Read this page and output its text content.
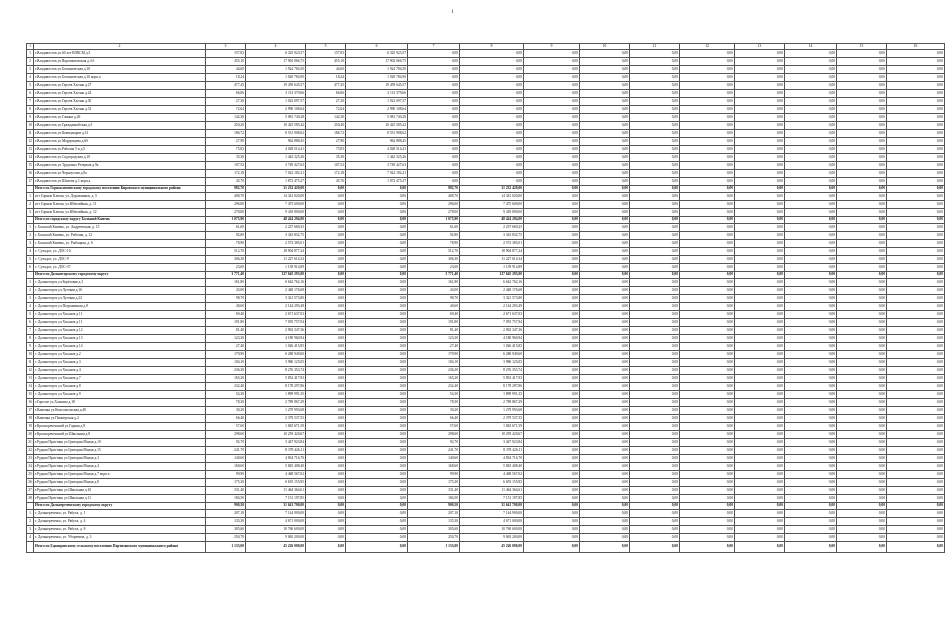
1
1	2	3	4	5	6	7	8	9	10	11	12	13	14	15	16
1	г.Владивосток ул.60 лет ВЛКСМ д.3	157,83	6 325 923,57	157,83	6 325 923,57	0,00	0,00	0,00	0,00	0,00	0,00	0,00	0,00	0,00	0,00
2	г.Владивосток ул.Ворошиловская д.4 б	455,10	17 902 066,75	455,10	17 902 066,75	0,00	0,00	0,00	0,00	0,00	0,00	0,00	0,00	0,00	0,00
3	г.Владивосток ул.Ботаническая д.10	44,60	1 924 784,50	44,60	1 924 784,50	0,00	0,00	0,00	0,00	0,00	0,00	0,00	0,00	0,00	0,00
4	г.Владивосток ул.Ботаническая д.10 корп.a	18,24	1 020 784,90	18,24	1 020 784,90	0,00	0,00	0,00	0,00	0,00	0,00	0,00	0,00	0,00	0,00
5	г.Владивосток ул.Героев Хасана д.27	477,45	19 459 645,57	477,45	19 459 645,57	0,00	0,00	0,00	0,00	0,00	0,00	0,00	0,00	0,00	0,00
6	г.Владивосток ул.Героев Хасана д.24	66,06	3 113 379,66	66,06	3 113 379,66	0,00	0,00	0,00	0,00	0,00	0,00	0,00	0,00	0,00	0,00
7	г.Владивосток ул.Героев Хасана д.30	27,30	1 022 097,57	27,30	1 022 097,57	0,00	0,00	0,00	0,00	0,00	0,00	0,00	0,00	0,00	0,00
8	г.Владивосток ул.Героев Хасана д.31	72,64	2 990 108,64	72,64	2 990 108,64	0,00	0,00	0,00	0,00	0,00	0,00	0,00	0,00	0,00	0,00
9	г.Владивосток ул.Глинки д.26	142,30	5 081 740,28	142,30	5 081 740,28	0,00	0,00	0,00	0,00	0,00	0,00	0,00	0,00	0,00	0,00
10	г.Владивосток ул.Гражданвобская д.5	250,20	10 425 585,42	250,20	10 425 585,42	0,00	0,00	0,00	0,00	0,00	0,00	0,00	0,00	0,00	0,00
11	г.Владивосток ул.Коммунаров д.31	186,72	8 531 908,62	186,72	8 531 908,62	0,00	0,00	0,00	0,00	0,00	0,00	0,00	0,00	0,00	0,00
12	г.Владивосток ул.Мордовцева д.6б	27,90	962 888,45	27,90	962 888,45	0,00	0,00	0,00	0,00	0,00	0,00	0,00	0,00	0,00	0,00
13	г.Владивосток ул.Рабочая 5-я д.5	75,83	4 028 514,41	75,83	4 028 514,41	0,00	0,00	0,00	0,00	0,00	0,00	0,00	0,00	0,00	0,00
14	г.Владивосток ул.Садгородская д.10	35,30	1 442 325,26	35,30	1 442 325,26	0,00	0,00	0,00	0,00	0,00	0,00	0,00	0,00	0,00	0,00
15	г.Владивосток ул.Трудовых Резервов д.9а	107,52	3 749 427,63	107,52	3 749 427,63	0,00	0,00	0,00	0,00	0,00	0,00	0,00	0,00	0,00	0,00
16	г.Владивосток ул.Черноусова д.8а	172,18	7 022 182,21	172,18	7 022 182,21	0,00	0,00	0,00	0,00	0,00	0,00	0,00	0,00	0,00	0,00
17	г.Владивосток ул.Шилова д.1 корп.а	45,70	1 872 475,27	45,70	1 872 475,27	0,00	0,00	0,00	0,00	0,00	0,00	0,00	0,00	0,00	0,00
	Итого по Горноключевскому городскому поселению Кировского муниципального района	982,70	31 232 420,00	0,00	0,00	982,70	31 232 420,00	0,00	0,00	0,00	0,00	0,00	0,00	0,00	0,00
1	пгт Горные Ключи, ул. Дорожников, д. 5	408,70	14 341 020,00	0,00	0,00	408,70	14 341 020,00	0,00	0,00	0,00	0,00	0,00	0,00	0,00	0,00
2	пгт Горные Ключи, ул.Юбилейная, д. 11	296,00	7 475 600,00	0,00	0,00	296,00	7 475 600,00	0,00	0,00	0,00	0,00	0,00	0,00	0,00	0,00
3	пгт Горные Ключи, ул.Юбилейная, д. 12	278,00	9 418 800,00	0,00	0,00	278,00	9 418 800,00	0,00	0,00	0,00	0,00	0,00	0,00	0,00	0,00
	Итого по городскому округу Большой Камень	1 075,90	48 424 294,00	0,00	0,00	1 075,90	48 424 294,00	0,00	0,00	0,00	0,00	0,00	0,00	0,00	0,00
1	г. Большой Камень, ул. Андреевская, д. 15	61,60	2 237 669,25	0,00	0,00	61,60	2 237 669,25	0,00	0,00	0,00	0,00	0,00	0,00	0,00	0,00
2	г. Большой Камень, ул. Рабочая, д. 12	92,80	3 343 832,75	0,00	0,00	92,80	3 343 832,75	0,00	0,00	0,00	0,00	0,00	0,00	0,00	0,00
3	г. Большой Камень, ул. Рыбацкая, д. 6	78,90	2 572 385,01	0,00	0,00	78,90	2 572 385,01	0,00	0,00	0,00	0,00	0,00	0,00	0,00	0,00
4	с. Суходол, ул. ДОС-16	512,70	18 904 877,24	0,00	0,00	512,70	18 904 877,24	0,00	0,00	0,00	0,00	0,00	0,00	0,00	0,00
5	с. Суходол, ул. ДОС-9	306,30	11 227 614,34	0,00	0,00	306,30	11 227 614,34	0,00	0,00	0,00	0,00	0,00	0,00	0,00	0,00
6	с. Суходол, ул. ДОС-37	23,60	1 139 914,89	0,00	0,00	23,60	1 139 914,89	0,00	0,00	0,00	0,00	0,00	0,00	0,00	0,00
	Итого по Дальнегорскому городскому округу	3 771,40	127 645 293,00	0,00	0,00	3 771,40	127 645 293,00	0,00	0,00	0,00	0,00	0,00	0,00	0,00	0,00
1	г. Дальнегорск ул.Берёзовая д.3	161,80	6 642 762,16	0,00	0,00	161,80	6 642 762,16	0,00	0,00	0,00	0,00	0,00	0,00	0,00	0,00
2	г. Дальнегорск ул.Луговая д.16	43,00	2 448 176,68	0,00	0,00	43,00	2 448 176,68	0,00	0,00	0,00	0,00	0,00	0,00	0,00	0,00
3	г. Дальнегорск ул.Луговая д.22	98,70	3 321 573,80	0,00	0,00	98,70	3 321 573,80	0,00	0,00	0,00	0,00	0,00	0,00	0,00	0,00
4	г. Дальнегорск ул.Пограничная д.8	40,60	2 144 293,49	0,00	0,00	40,60	2 144 293,49	0,00	0,00	0,00	0,00	0,00	0,00	0,00	0,00
5	г. Дальнегорск ул.Хасанов д.11	69,40	2 671 637,03	0,00	0,00	69,40	2 671 637,03	0,00	0,00	0,00	0,00	0,00	0,00	0,00	0,00
6	г. Дальнегорск ул.Хасанов д.11	191,80	7 055 757,94	0,00	0,00	191,80	7 055 757,94	0,00	0,00	0,00	0,00	0,00	0,00	0,00	0,00
7	г. Дальнегорск ул.Хасанов д.12	81,40	2 902 347,36	0,00	0,00	81,40	2 902 347,36	0,00	0,00	0,00	0,00	0,00	0,00	0,00	0,00
8	г. Дальнегорск ул.Хасанов д.13	123,30	4 180 960,94	0,00	0,00	123,30	4 180 960,94	0,00	0,00	0,00	0,00	0,00	0,00	0,00	0,00
9	г. Дальнегорск ул.Хасанов д.14	27,40	1 026 415,85	0,00	0,00	27,40	1 026 415,85	0,00	0,00	0,00	0,00	0,00	0,00	0,00	0,00
10	г. Дальнегорск ул.Хасанов д.2	179,90	6 280 949,60	0,00	0,00	179,90	6 280 949,60	0,00	0,00	0,00	0,00	0,00	0,00	0,00	0,00
11	г. Дальнегорск ул.Хасанов д.3	104,10	3 986 125,05	0,00	0,00	104,10	3 986 125,05	0,00	0,00	0,00	0,00	0,00	0,00	0,00	0,00
12	г. Дальнегорск ул.Хасанов д.4	236,30	8 276 353,74	0,00	0,00	236,30	8 276 353,74	0,00	0,00	0,00	0,00	0,00	0,00	0,00	0,00
13	г. Дальнегорск ул.Хасанов д.7	165,20	5 852 417,93	0,00	0,00	165,20	5 852 417,93	0,00	0,00	0,00	0,00	0,00	0,00	0,00	0,00
14	г. Дальнегорск ул.Хасанов д.8	232,40	8 178 297,86	0,00	0,00	232,40	8 178 297,86	0,00	0,00	0,00	0,00	0,00	0,00	0,00	0,00
15	г. Дальнегорск ул.Хасанов д.9	54,30	1 899 991,35	0,00	0,00	54,30	1 899 991,35	0,00	0,00	0,00	0,00	0,00	0,00	0,00	0,00
16	г.Горелое ул.Халкина д.18	78,30	2 789 867,29	0,00	0,00	78,30	2 789 867,29	0,00	0,00	0,00	0,00	0,00	0,00	0,00	0,00
17	г.Каменка ул.Комсомольская д.40	30,20	1 279 993,68	0,00	0,00	30,20	1 279 993,68	0,00	0,00	0,00	0,00	0,00	0,00	0,00	0,00
18	г.Каменка ул.Пионерская д.2	66,40	2 379 537,55	0,00	0,00	66,40	2 379 537,55	0,00	0,00	0,00	0,00	0,00	0,00	0,00	0,00
19	г.Краснореченский ул.Горная д.8	57,60	1 845 671,59	0,00	0,00	57,60	1 845 671,59	0,00	0,00	0,00	0,00	0,00	0,00	0,00	0,00
20	г.Краснореченский ул.Школьная д.8	298,60	10 259 420,67	0,00	0,00	298,60	10 259 420,67	0,00	0,00	0,00	0,00	0,00	0,00	0,00	0,00
21	г.Рудная Пристань ул.Григория Милая д.10	92,70	3 447 923,84	0,00	0,00	92,70	3 447 923,84	0,00	0,00	0,00	0,00	0,00	0,00	0,00	0,00
22	г.Рудная Пристань ул.Григория Милая д.15	241,70	8 378 426,11	0,00	0,00	241,70	8 378 426,11	0,00	0,00	0,00	0,00	0,00	0,00	0,00	0,00
23	г.Рудная Пристань ул.Григория Милая д.3	140,60	4 834 716,70	0,00	0,00	140,60	4 834 716,70	0,00	0,00	0,00	0,00	0,00	0,00	0,00	0,00
24	г.Рудная Пристань ул.Григория Милая д.4	168,60	5 845 408,40	0,00	0,00	168,60	5 845 408,40	0,00	0,00	0,00	0,00	0,00	0,00	0,00	0,00
25	г.Рудная Пристань ул.Григория Милая д.7 корп.а	99,90	4 468 567,02	0,00	0,00	99,90	4 468 567,02	0,00	0,00	0,00	0,00	0,00	0,00	0,00	0,00
26	г.Рудная Пристань ул.Григория Милая д.8	175,30	6 655 155,85	0,00	0,00	175,30	6 655 155,85	0,00	0,00	0,00	0,00	0,00	0,00	0,00	0,00
27	г.Рудная Пристань ул.Школьная д.10	331,40	11 464 364,61	0,00	0,00	331,40	11 464 364,61	0,00	0,00	0,00	0,00	0,00	0,00	0,00	0,00
28	г.Рудная Пристань ул.Школьная д.11	184,50	7 151 197,85	0,00	0,00	184,50	7 151 197,85	0,00	0,00	0,00	0,00	0,00	0,00	0,00	0,00
	Итого по Дальнереченскому городскому округу	900,50	31 641 700,00	0,00	0,00	900,50	31 641 700,00	0,00	0,00	0,00	0,00	0,00	0,00	0,00	0,00
1	г. Дальнереченск, ул. Рябуха, д. 1	207,10	7 144 900,00	0,00	0,00	207,10	7 144 900,00	0,00	0,00	0,00	0,00	0,00	0,00	0,00	0,00
2	г. Дальнереченск, ул. Рябуха, д. 4	135,30	4 671 000,00	0,00	0,00	135,30	4 671 000,00	0,00	0,00	0,00	0,00	0,00	0,00	0,00	0,00
3	г. Дальнереченск, ул. Рябуха, д. 8	305,60	10 760 600,00	0,00	0,00	305,60	10 760 600,00	0,00	0,00	0,00	0,00	0,00	0,00	0,00	0,00
4	г. Дальнереченск, ул. Уборевича, д. 3	250,70	9 065 200,00	0,00	0,00	250,70	9 065 200,00	0,00	0,00	0,00	0,00	0,00	0,00	0,00	0,00
	Итого по Единоровскому сельскому поселению Партизанского муниципального района	1 133,00	45 226 000,00	0,00	0,00	1 133,00	45 226 000,00	0,00	0,00	0,00	0,00	0,00	0,00	0,00	0,00
